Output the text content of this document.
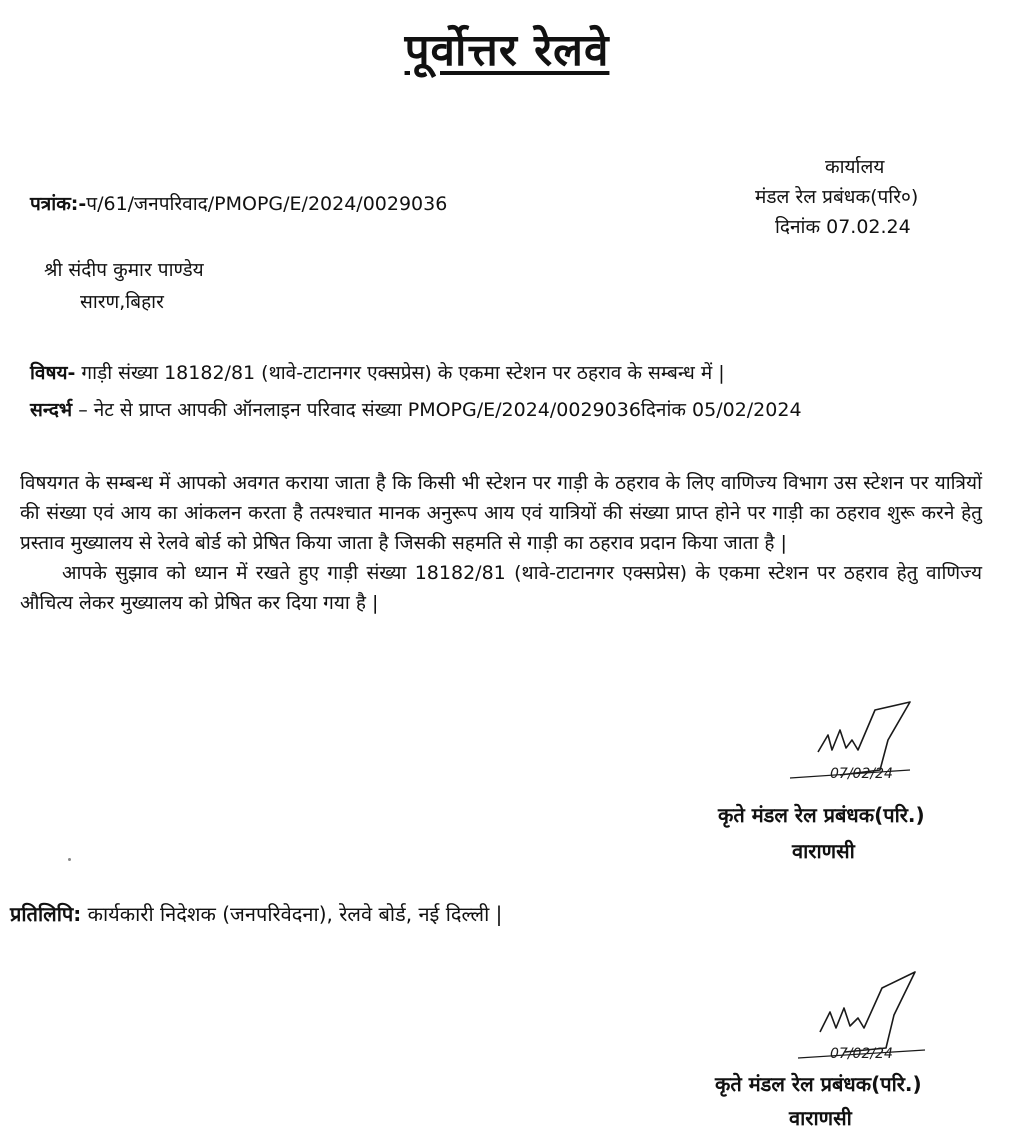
पूर्वोत्तर रेलवे
पत्रांक:-प/61/जनपरिवाद/PMOPG/E/2024/0029036
कार्यालय
मंडल रेल प्रबंधक(परि०)
दिनांक 07.02.24
श्री संदीप कुमार पाण्डेय
सारण,बिहार
विषय- गाड़ी संख्या 18182/81 (थावे-टाटानगर एक्सप्रेस) के एकमा स्टेशन पर ठहराव के सम्बन्ध में |
सन्दर्भ – नेट से प्राप्त आपकी ऑनलाइन परिवाद संख्या PMOPG/E/2024/0029036दिनांक 05/02/2024

विषयगत के सम्बन्ध में आपको अवगत कराया जाता है कि किसी भी स्टेशन पर गाड़ी के ठहराव के लिए वाणिज्य विभाग उस स्टेशन पर यात्रियों की संख्या एवं आय का आंकलन करता है तत्पश्चात मानक अनुरूप आय एवं यात्रियों की संख्या प्राप्त होने पर गाड़ी का ठहराव शुरू करने हेतु प्रस्ताव मुख्यालय से रेलवे बोर्ड को प्रेषित किया जाता है जिसकी सहमति से गाड़ी का ठहराव प्रदान किया जाता है |

आपके सुझाव को ध्यान में रखते हुए गाड़ी संख्या 18182/81 (थावे-टाटानगर एक्सप्रेस) के एकमा स्टेशन पर ठहराव हेतु वाणिज्य औचित्य लेकर मुख्यालय को प्रेषित कर दिया गया है |

07/02/24
कृते मंडल रेल प्रबंधक(परि.)
वाराणसी
प्रतिलिपि: कार्यकारी निदेशक (जनपरिवेदना), रेलवे बोर्ड, नई दिल्ली |
07/02/24
कृते मंडल रेल प्रबंधक(परि.)
वाराणसी
